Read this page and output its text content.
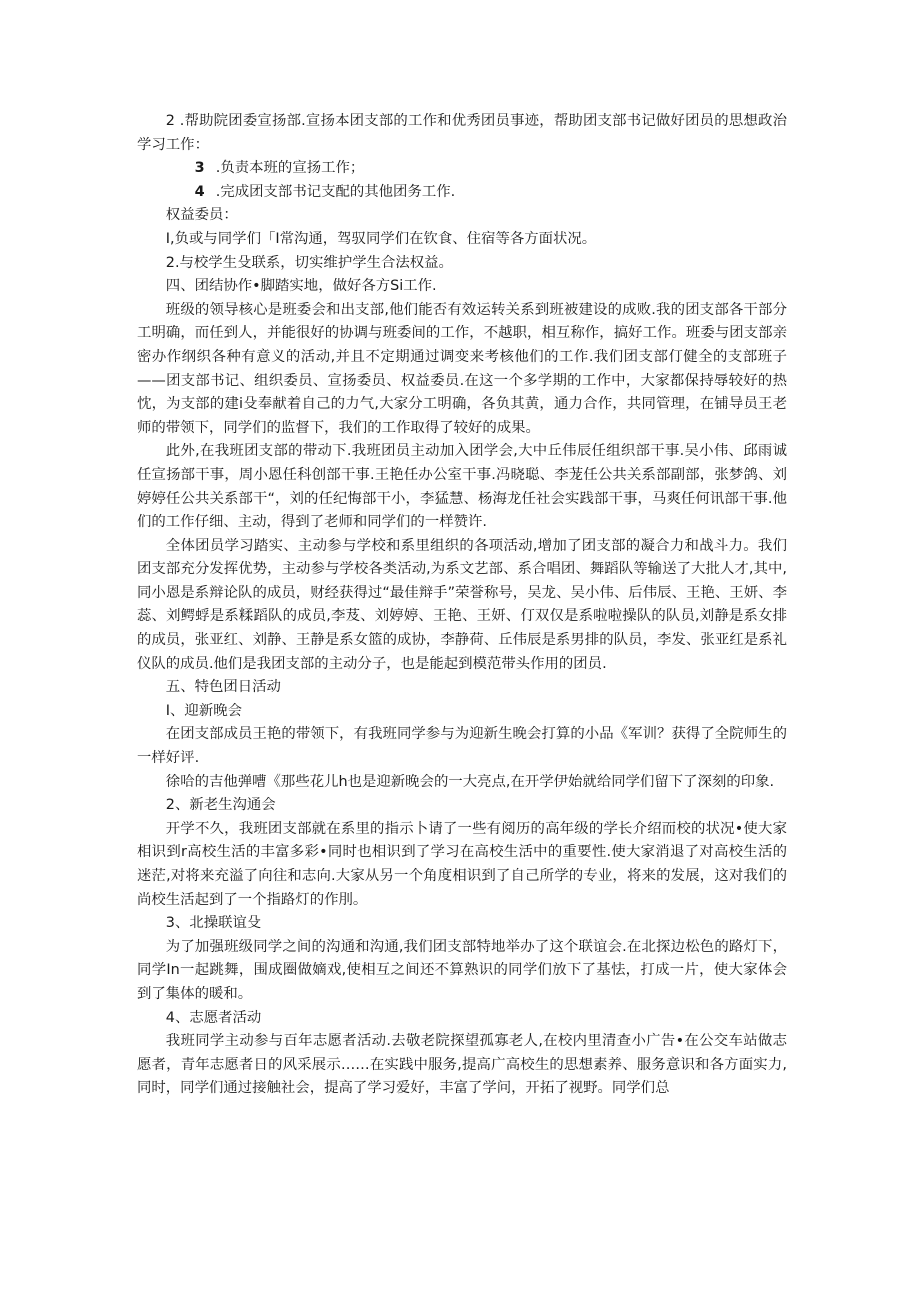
2 .帮助院团委宣扬部.宣扬本团支部的工作和优秀团员事迹，帮助团支部书记做好团员的思想政治学习工作：

3 .负责本班的宣扬工作；

4 .完成团支部书记支配的其他团务工作.

权益委员：

I,负或与同学们「I常沟通，驾驭同学们在钦食、住宿等各方面状况。

2.与校学生殳联系，切实维护学生合法权益。

四、团结协作•脚踏实地，做好各方Si工作.

班级的领导核心是班委会和出支部,他们能否有效运转关系到班被建设的成败.我的团支部各干部分工明确，而任到人，并能很好的协调与班委间的工作，不越职，相互称作，搞好工作。班委与团支部亲密办作纲织各种有意义的活动,并且不定期通过调变来考核他们的工作.我们团支部仃健全的支部班子——团支部书记、组织委员、宣扬委员、权益委员.在这一个多学期的工作中，大家都保持辱较好的热忱，为支部的建i殳奉献着自己的力气,大家分工明确，各负其黄，通力合作，共同管理，在铺导员王老师的带领下，同学们的监督下，我们的工作取得了较好的成果。

此外,在我班团支部的带动下.我班团员主动加入团学会,大中丘伟辰任组织部干事.吴小伟、邱雨诚任宣扬部干事，周小恩任科创部干事.王艳任办公室干事.冯晓聪、李茏任公共关系部副部，张梦鸽、刘婷婷任公共关系部干“，刘的任纪悔部干小，李猛慧、杨海龙任社会实践部干事，马爽任何讯部干事.他们的工作仔细、主动，得到了老师和同学们的一样赞许.

全体团员学习踏实、主动参与学校和系里组织的各项活动,增加了团支部的凝合力和战斗力。我们团支部充分发挥优势，主动参与学校各类活动,为系文艺部、系合唱团、舞蹈队等输送了大批人才,其中,同小恩是系辩论队的成员，财经获得过“最佳辩手”荣誉称号，吴龙、吴小伟、后伟辰、王艳、王妍、李蕊、刘鳄蜉是系糅蹈队的成员,李芨、刘婷婷、王艳、王妍、仃双仅是系啦啦操队的队员,刘静是系女排的成员，张亚红、刘静、王静是系女篮的成协，李静荷、丘伟辰是系男排的队员，李发、张亚红是系礼仪队的成员.他们是我团支部的主动分子，也是能起到模范带头作用的团员.

五、特色团日活动

I、迎新晚会

在团支部成员王艳的带领下，有我班同学参与为迎新生晚会打算的小品《军训？获得了全院师生的一样好评.

徐哈的吉他弹嘈《那些花儿h也是迎新晚会的一大亮点,在开学伊始就给同学们留下了深刻的印象.

2、新老生沟通会

开学不久，我班团支部就在系里的指示卜请了一些有阅历的高年级的学长介绍而校的状况•使大家相识到r高校生活的丰富多彩•同时也相识到了学习在高校生活中的重要性.使大家消退了对高校生活的迷茫,对将来充溢了向往和志向.大家从另一个角度相识到了自己所学的专业，将来的发展，这对我们的尚校生活起到了一个指路灯的作刖。

3、北操联谊殳

为了加强班级同学之间的沟通和沟通,我们团支部特地举办了这个联谊会.在北探边松色的路灯下，同学In一起跳舞，围成圈做嫡戏,使相互之间还不算熟识的同学们放下了基怯，打成一片，使大家体会到了集体的暖和。

4、志愿者活动

我班同学主动参与百年志愿者活动.去敬老院探望孤寡老人,在校内里清查小广告•在公交车站做志愿者，青年志愿者日的风采展示……在实践中服务,提高广高校生的思想素养、服务意识和各方面实力,同时，同学们通过接触社会，提高了学习爱好，丰富了学问，开拓了视野。同学们总
